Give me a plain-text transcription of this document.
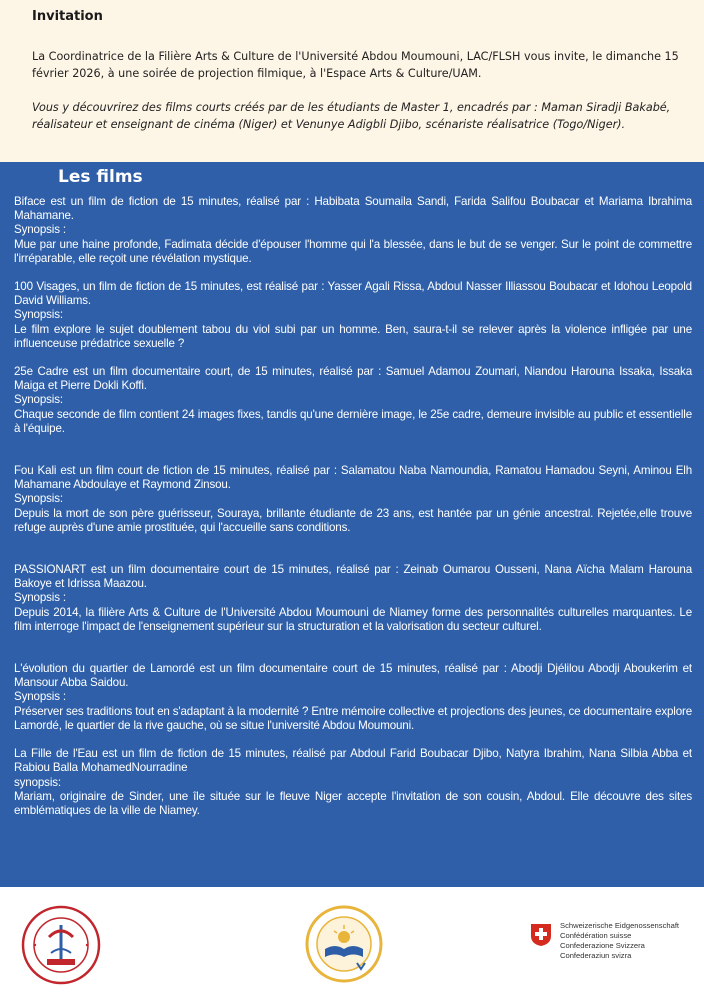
Invitation
La Coordinatrice de la Filière Arts & Culture de l'Université Abdou Moumouni, LAC/FLSH vous invite, le dimanche 15 février 2026, à une soirée de projection filmique, à l'Espace Arts & Culture/UAM.
Vous y découvrirez des films courts créés par de les étudiants de Master 1, encadrés par : Maman Siradji Bakabé, réalisateur et enseignant de cinéma (Niger) et Venunye Adigbli Djibo, scénariste réalisatrice (Togo/Niger).
Les films
Biface est un film de fiction de 15 minutes, réalisé par : Habibata Soumaila Sandi, Farida Salifou Boubacar et Mariama Ibrahima Mahamane.
Synopsis :
Mue par une haine profonde, Fadimata décide d'épouser l'homme qui l'a blessée, dans le but de se venger. Sur le point de commettre l'irréparable, elle reçoit une révélation mystique.
100 Visages, un film de fiction de 15 minutes, est réalisé par : Yasser Agali Rissa, Abdoul Nasser Illiassou Boubacar et Idohou Leopold David Williams.
Synopsis:
Le film explore le sujet doublement tabou du viol subi par un homme. Ben, saura-t-il se relever après la violence infligée par une influenceuse prédatrice sexuelle ?
25e Cadre est un film documentaire court, de 15 minutes, réalisé par : Samuel Adamou Zoumari, Niandou Harouna Issaka, Issaka Maiga et Pierre Dokli Koffi.
Synopsis:
Chaque seconde de film contient 24 images fixes, tandis qu'une dernière image, le 25e cadre, demeure invisible au public et essentielle à l'équipe.
Fou Kali est un film court de fiction de 15 minutes, réalisé par : Salamatou Naba Namoundia, Ramatou Hamadou Seyni, Aminou Elh Mahamane Abdoulaye et Raymond Zinsou.
Synopsis:
Depuis la mort de son père guérisseur, Souraya, brillante étudiante de 23 ans, est hantée par un génie ancestral. Rejetée,elle trouve refuge auprès d'une amie prostituée, qui l'accueille sans conditions.
PASSIONART est un film documentaire court de 15 minutes, réalisé par : Zeinab Oumarou Ousseni, Nana Aïcha Malam Harouna Bakoye et Idrissa Maazou.
Synopsis :
Depuis 2014, la filière Arts & Culture de l'Université Abdou Moumouni de Niamey forme des personnalités culturelles marquantes. Le film interroge l'impact de l'enseignement supérieur sur la structuration et la valorisation du secteur culturel.
L'évolution du quartier de Lamordé est un film documentaire court de 15 minutes, réalisé par : Abodji Djélilou Abodji Aboukerim et Mansour Abba Saidou.
Synopsis :
Préserver ses traditions tout en s'adaptant à la modernité ? Entre mémoire collective et projections des jeunes, ce documentaire explore Lamordé, le quartier de la rive gauche, où se situe l'université Abdou Moumouni.
La Fille de l'Eau est un film de fiction de 15 minutes, réalisé par Abdoul Farid Boubacar Djibo, Natyra Ibrahim, Nana Silbia Abba et Rabiou Balla MohamedNourradine
synopsis:
Mariam, originaire de Sinder, une île située sur le fleuve Niger accepte l'invitation de son cousin, Abdoul. Elle découvre des sites emblématiques de la ville de Niamey.
Schweizerische Eidgenossenschaft
Confédération suisse
Confederazione Svizzera
Confederaziun svizra
